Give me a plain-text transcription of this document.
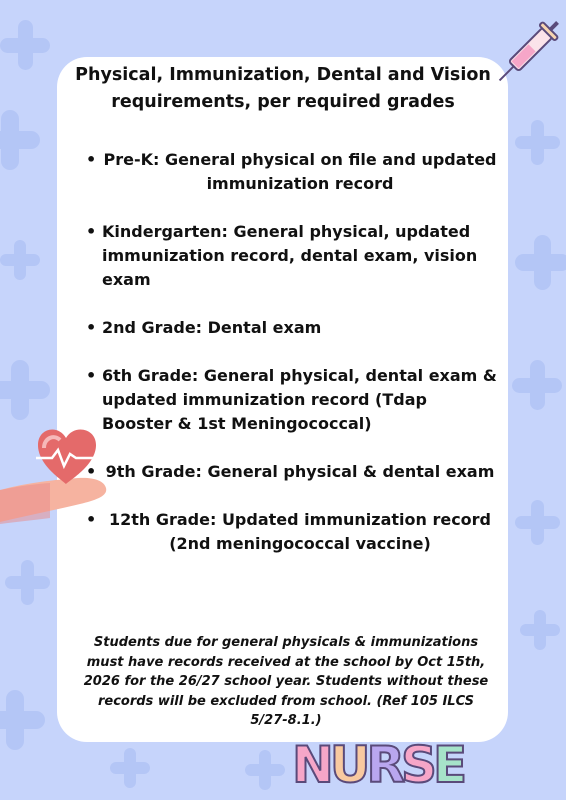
Physical, Immunization, Dental and Vision
requirements, per required grades
• Pre-K: General physical on file and updated immunization record
• Kindergarten: General physical, updated immunization record, dental exam, vision exam
• 2nd Grade: Dental exam
• 6th Grade: General physical, dental exam & updated immunization record (Tdap Booster & 1st Meningococcal)
• 9th Grade: General physical & dental exam
• 12th Grade: Updated immunization record (2nd meningococcal vaccine)
Students due for general physicals & immunizations must have records received at the school by Oct 15th, 2026 for the 26/27 school year. Students without these records will be excluded from school. (Ref 105 ILCS 5/27-8.1.)
NURSE
